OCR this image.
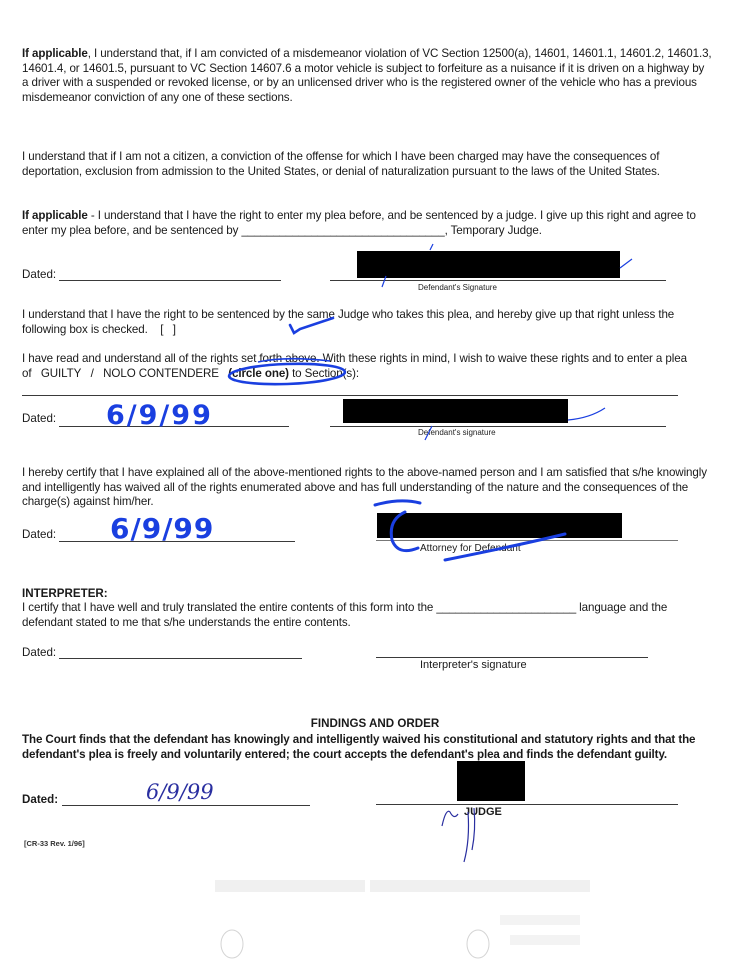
If applicable, I understand that, if I am convicted of a misdemeanor violation of VC Section 12500(a), 14601, 14601.1, 14601.2, 14601.3, 14601.4, or 14601.5, pursuant to VC Section 14607.6 a motor vehicle is subject to forfeiture as a nuisance if it is driven on a highway by a driver with a suspended or revoked license, or by an unlicensed driver who is the registered owner of the vehicle who has a previous misdemeanor conviction of any one of these sections.
I understand that if I am not a citizen, a conviction of the offense for which I have been charged may have the consequences of deportation, exclusion from admission to the United States, or denial of naturalization pursuant to the laws of the United States.
If applicable - I understand that I have the right to enter my plea before, and be sentenced by a judge. I give up this right and agree to enter my plea before, and be sentenced by ________________________________, Temporary Judge.
Dated:
Defendant's Signature
I understand that I have the right to be sentenced by the same Judge who takes this plea, and hereby give up that right unless the following box is checked. [ ]
I have read and understand all of the rights set forth above. With these rights in mind, I wish to waive these rights and to enter a plea of GUILTY / NOLO CONTENDERE (circle one) to Section(s):
Dated: 6/9/99
Defendant's signature
I hereby certify that I have explained all of the above-mentioned rights to the above-named person and I am satisfied that s/he knowingly and intelligently has waived all of the rights enumerated above and has full understanding of the nature and the consequences of the charge(s) against him/her.
Dated: 6/9/99
Attorney for Defendant
INTERPRETER:
I certify that I have well and truly translated the entire contents of this form into the ______________________ language and the defendant stated to me that s/he understands the entire contents.
Dated:
Interpreter's signature
FINDINGS AND ORDER
The Court finds that the defendant has knowingly and intelligently waived his constitutional and statutory rights and that the defendant's plea is freely and voluntarily entered; the court accepts the defendant's plea and finds the defendant guilty.
Dated:	6/9/99
JUDGE
[CR-33 Rev. 1/96]
